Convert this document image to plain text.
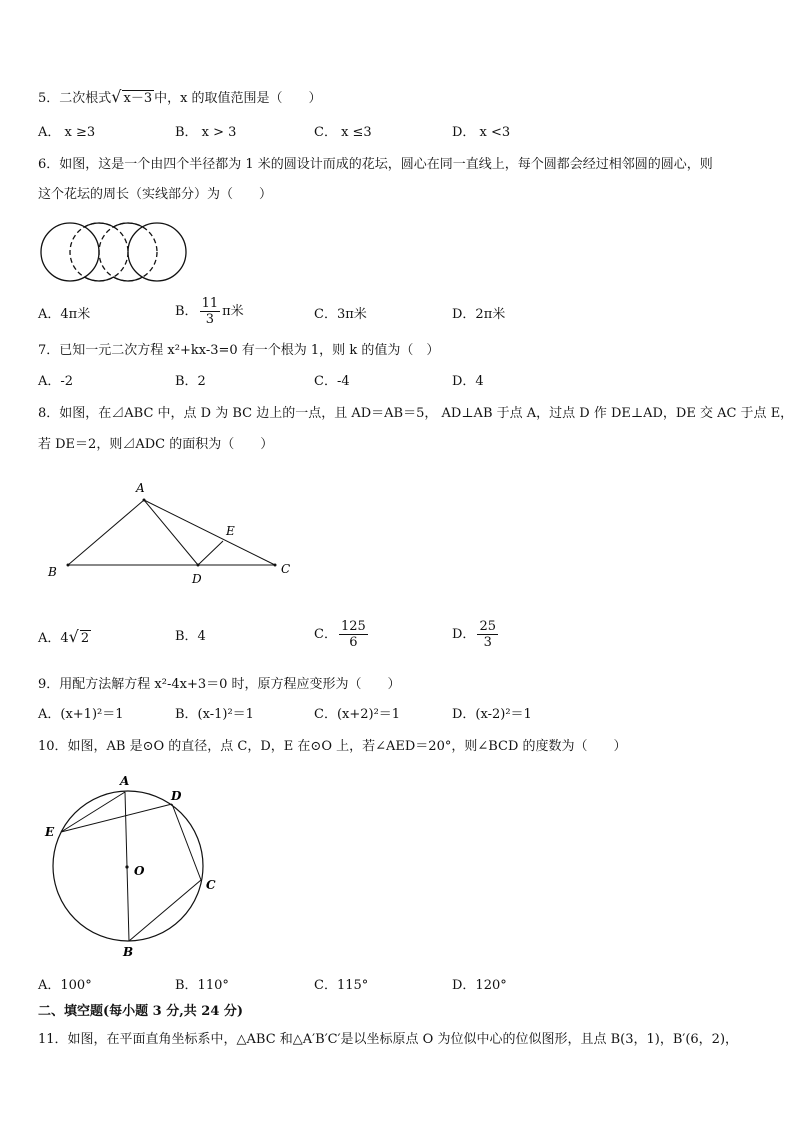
5．二次根式√ x－3 中，x 的取值范围是（　　）
A． x ≥3	B． x > 3	C． x ≤3	D． x <3
6．如图，这是一个由四个半径都为 1 米的圆设计而成的花坛，圆心在同一直线上，每个圆都会经过相邻圆的圆心，则
这个花坛的周长（实线部分）为（　　）
A．4π米	B． $\frac{11}{3}$ π米	C．3π米	D．2π米
7．已知一元二次方程 x²+kx-3=0 有一个根为 1，则 k 的值为（　）
A．-2	B．2	C．-4	D．4
8．如图，在⊿ABC 中，点 D 为 BC 边上的一点，且 AD＝AB＝5， AD⊥AB 于点 A，过点 D 作 DE⊥AD，DE 交 AC 于点 E，
若 DE＝2，则⊿ADC 的面积为（　　）
A
B	C
D
E
A．4√ 2	B．4	C． $\frac{125}{6}$	D． $\frac{25}{3}$
9．用配方法解方程 x²-4x+3＝0 时，原方程应变形为（　　）
A．(x+1)²＝1	B．(x-1)²＝1	C．(x+2)²＝1	D．(x-2)²＝1
10．如图，AB 是⊙O 的直径，点 C，D，E 在⊙O 上，若∠AED＝20°，则∠BCD 的度数为（　　）
A
D
E
O
C
B
A．100°	B．110°	C．115°	D．120°
二、填空题(每小题 3 分,共 24 分)
11．如图，在平面直角坐标系中，△ABC 和△A′B′C′是以坐标原点 O 为位似中心的位似图形，且点 B(3，1)，B′(6，2)，
